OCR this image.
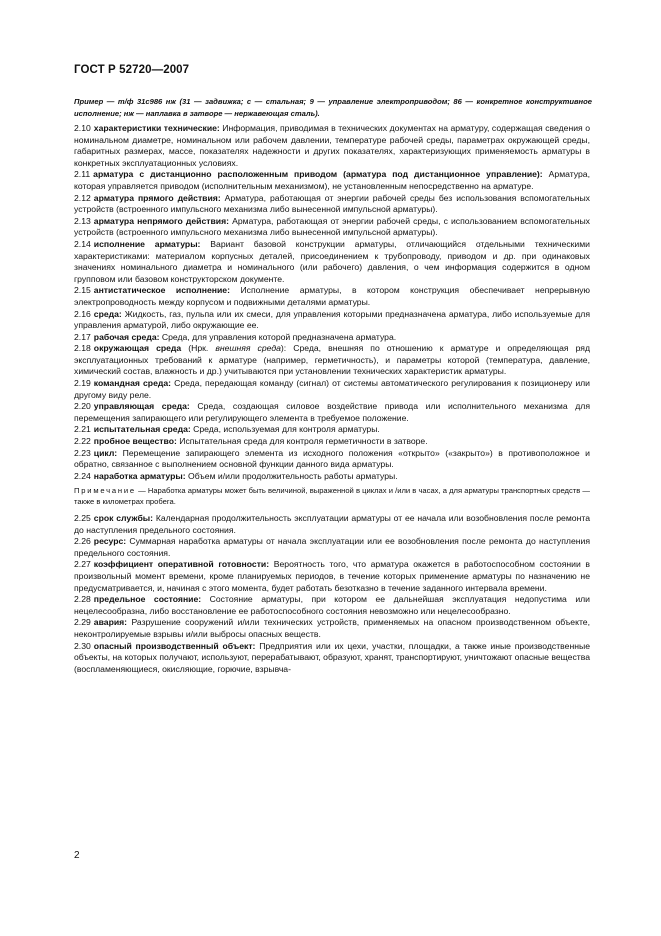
ГОСТ Р 52720—2007
Пример — т/ф 31с986 нж (31 — задвижка; с — стальная; 9 — управление электроприводом; 86 — конкретное конструктивное исполнение; нж — наплавка в затворе — нержавеющая сталь).
2.10 характеристики технические: Информация, приводимая в технических документах на арматуру, содержащая сведения о номинальном диаметре, номинальном или рабочем давлении, температуре рабочей среды, параметрах окружающей среды, габаритных размерах, массе, показателях надежности и других показателях, характеризующих применяемость арматуры в конкретных эксплуатационных условиях.
2.11 арматура с дистанционно расположенным приводом (арматура под дистанционное управление): Арматура, которая управляется приводом (исполнительным механизмом), не установленным непосредственно на арматуре.
2.12 арматура прямого действия: Арматура, работающая от энергии рабочей среды без использования вспомогательных устройств (встроенного импульсного механизма либо вынесенной импульсной арматуры).
2.13 арматура непрямого действия: Арматура, работающая от энергии рабочей среды, с использованием вспомогательных устройств (встроенного импульсного механизма либо вынесенной импульсной арматуры).
2.14 исполнение арматуры: Вариант базовой конструкции арматуры, отличающийся отдельными техническими характеристиками: материалом корпусных деталей, присоединением к трубопроводу, приводом и др. при одинаковых значениях номинального диаметра и номинального (или рабочего) давления, о чем информация содержится в одном групповом или базовом конструкторском документе.
2.15 антистатическое исполнение: Исполнение арматуры, в котором конструкция обеспечивает непрерывную электропроводность между корпусом и подвижными деталями арматуры.
2.16 среда: Жидкость, газ, пульпа или их смеси, для управления которыми предназначена арматура, либо используемые для управления арматурой, либо окружающие ее.
2.17 рабочая среда: Среда, для управления которой предназначена арматура.
2.18 окружающая среда (Нрк. внешняя среда): Среда, внешняя по отношению к арматуре и определяющая ряд эксплуатационных требований к арматуре (например, герметичность), и параметры которой (температура, давление, химический состав, влажность и др.) учитываются при установлении технических характеристик арматуры.
2.19 командная среда: Среда, передающая команду (сигнал) от системы автоматического регулирования к позиционеру или другому виду реле.
2.20 управляющая среда: Среда, создающая силовое воздействие привода или исполнительного механизма для перемещения запирающего или регулирующего элемента в требуемое положение.
2.21 испытательная среда: Среда, используемая для контроля арматуры.
2.22 пробное вещество: Испытательная среда для контроля герметичности в затворе.
2.23 цикл: Перемещение запирающего элемента из исходного положения «открыто» («закрыто») в противоположное и обратно, связанное с выполнением основной функции данного вида арматуры.
2.24 наработка арматуры: Объем и/или продолжительность работы арматуры.
Примечание — Наработка арматуры может быть величиной, выраженной в циклах и /или в часах, а для арматуры транспортных средств — также в километрах пробега.
2.25 срок службы: Календарная продолжительность эксплуатации арматуры от ее начала или возобновления после ремонта до наступления предельного состояния.
2.26 ресурс: Суммарная наработка арматуры от начала эксплуатации или ее возобновления после ремонта до наступления предельного состояния.
2.27 коэффициент оперативной готовности: Вероятность того, что арматура окажется в работоспособном состоянии в произвольный момент времени, кроме планируемых периодов, в течение которых применение арматуры по назначению не предусматривается, и, начиная с этого момента, будет работать безотказно в течение заданного интервала времени.
2.28 предельное состояние: Состояние арматуры, при котором ее дальнейшая эксплуатация недопустима или нецелесообразна, либо восстановление ее работоспособного состояния невозможно или нецелесообразно.
2.29 авария: Разрушение сооружений и/или технических устройств, применяемых на опасном производственном объекте, неконтролируемые взрывы и/или выбросы опасных веществ.
2.30 опасный производственный объект: Предприятия или их цехи, участки, площадки, а также иные производственные объекты, на которых получают, используют, перерабатывают, образуют, хранят, транспортируют, уничтожают опасные вещества (воспламеняющиеся, окисляющие, горючие, взрывча-
2
